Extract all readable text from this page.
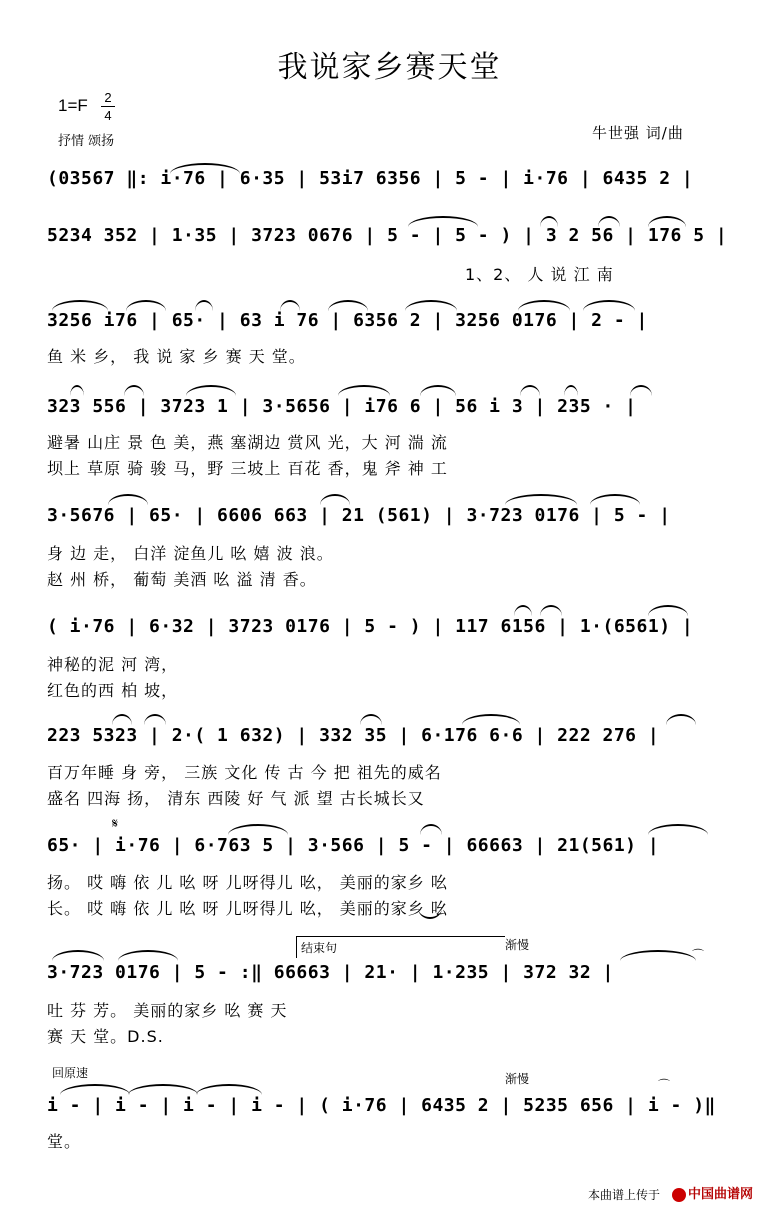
我说家乡赛天堂
1=F 2
4
抒情 颂扬	牛世强 词/曲
(03567 ‖: i·76 | 6·35 | 53i7 6356 | 5 - | i·76 | 6435 2 |
5234 352 | 1·35 | 3723 0676 | 5 - | 5 - ) | 3 2 56 | 176 5 |
1、2、 人 说 江 南
3256 i76 | 65· | 63 i 76 | 6356 2 | 3256 0176 | 2 - |
鱼 米 乡， 我 说 家 乡 赛 天 堂。
323 556 | 3723 1 | 3·5656 | i76 6 | 56 i 3 | 235 · |
避暑 山庄 景 色 美，燕 塞湖边 赏风 光，大 河 湍 流
坝上 草原 骑 骏 马，野 三坡上 百花 香，鬼 斧 神 工
3·5676 | 65· | 6606 663 | 21 (561) | 3·723 0176 | 5 - |
身 边 走， 白洋 淀鱼儿 吆 嬉 波 浪。
赵 州 桥， 葡萄 美酒 吆 溢 清 香。
( i·76 | 6·32 | 3723 0176 | 5 - ) | 117 6156 | 1·(6561) |
神秘的泥 河 湾，
红色的西 柏 坡，
223 5323 | 2·( 1 632) | 332 35 | 6·176 6·6 | 222 276 |
百万年睡 身 旁， 三族 文化 传 古 今 把 祖先的威名
盛名 四海 扬， 清东 西陵 好 气 派 望 古长城长又
65· | i·76 | 6·763 5 | 3·566 | 5 - | 66663 | 21(561) |
𝄋
扬。 哎 嗨 依 儿 吆 呀 儿呀得儿 吆， 美丽的家乡 吆
长。 哎 嗨 依 儿 吆 呀 儿呀得儿 吆， 美丽的家乡 吆
结束句	渐慢
3·723 0176 | 5 - :‖ 66663 | 21· | 1·235 | 372 32 |
⌒
吐 芬 芳。 美丽的家乡 吆 赛 天
赛 天 堂。D.S.
回原速	渐慢
i - | i - | i - | i - | ( i·76 | 6435 2 | 5235 656 | i - )‖
⌒
堂。
本曲谱上传于	中国曲谱网
